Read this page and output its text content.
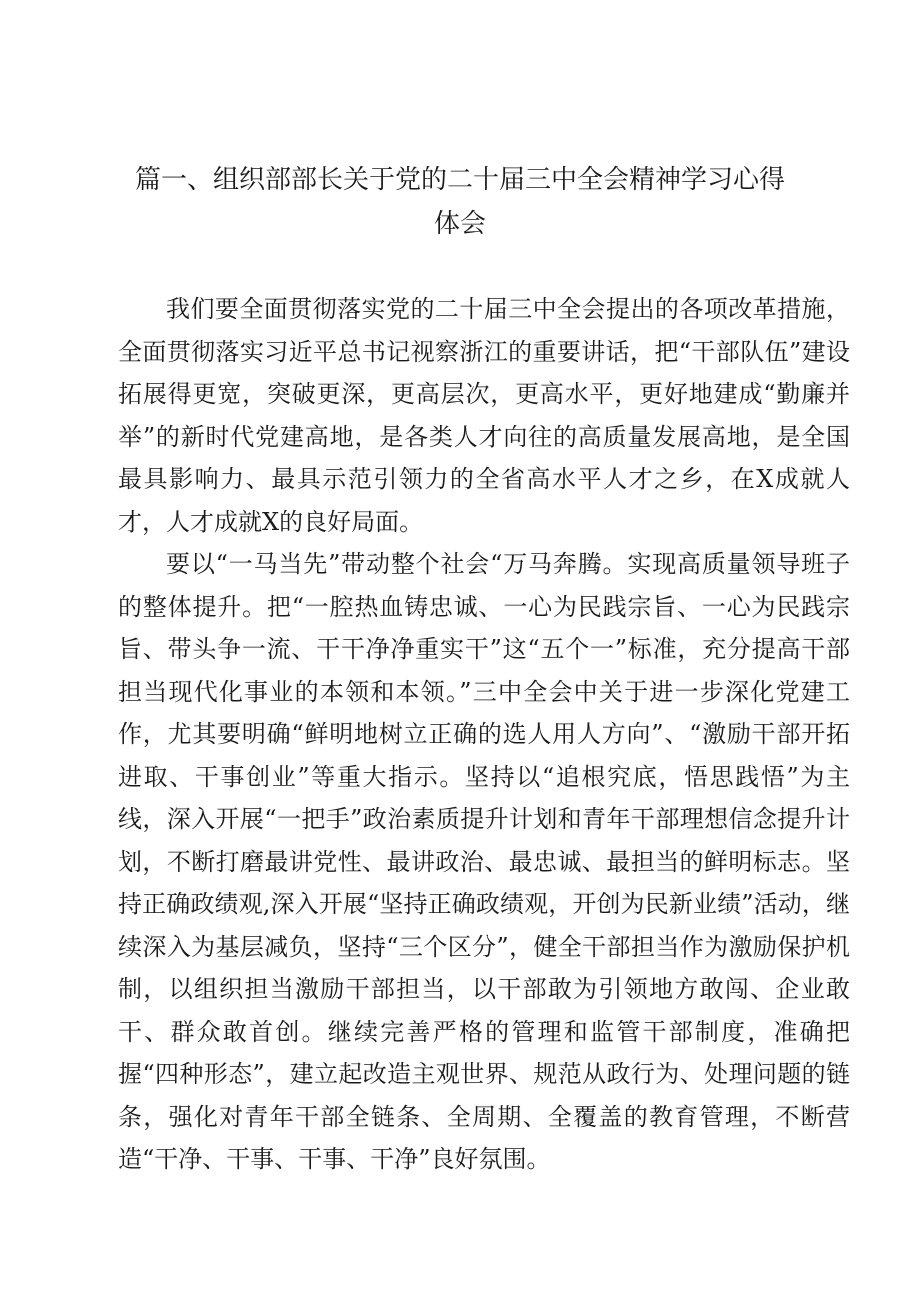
篇一、组织部部长关于党的二十届三中全会精神学习心得
体会

我们要全面贯彻落实党的二十届三中全会提出的各项改革措施，全面贯彻落实习近平总书记视察浙江的重要讲话，把“干部队伍”建设拓展得更宽，突破更深，更高层次，更高水平，更好地建成“勤廉并举”的新时代党建高地，是各类人才向往的高质量发展高地，是全国最具影响力、最具示范引领力的全省高水平人才之乡，在X成就人才，人才成就X的良好局面。

要以“一马当先”带动整个社会“万马奔腾。实现高质量领导班子的整体提升。把“一腔热血铸忠诚、一心为民践宗旨、一心为民践宗旨、带头争一流、干干净净重实干”这“五个一”标准，充分提高干部担当现代化事业的本领和本领。”三中全会中关于进一步深化党建工作，尤其要明确“鲜明地树立正确的选人用人方向”、“激励干部开拓进取、干事创业”等重大指示。坚持以“追根究底，悟思践悟”为主线，深入开展“一把手”政治素质提升计划和青年干部理想信念提升计划，不断打磨最讲党性、最讲政治、最忠诚、最担当的鲜明标志。坚持正确政绩观,深入开展“坚持正确政绩观，开创为民新业绩”活动，继续深入为基层减负，坚持“三个区分”，健全干部担当作为激励保护机制，以组织担当激励干部担当，以干部敢为引领地方敢闯、企业敢干、群众敢首创。继续完善严格的管理和监管干部制度，准确把握“四种形态”，建立起改造主观世界、规范从政行为、处理问题的链条，强化对青年干部全链条、全周期、全覆盖的教育管理，不断营造“干净、干事、干事、干净”良好氛围。
